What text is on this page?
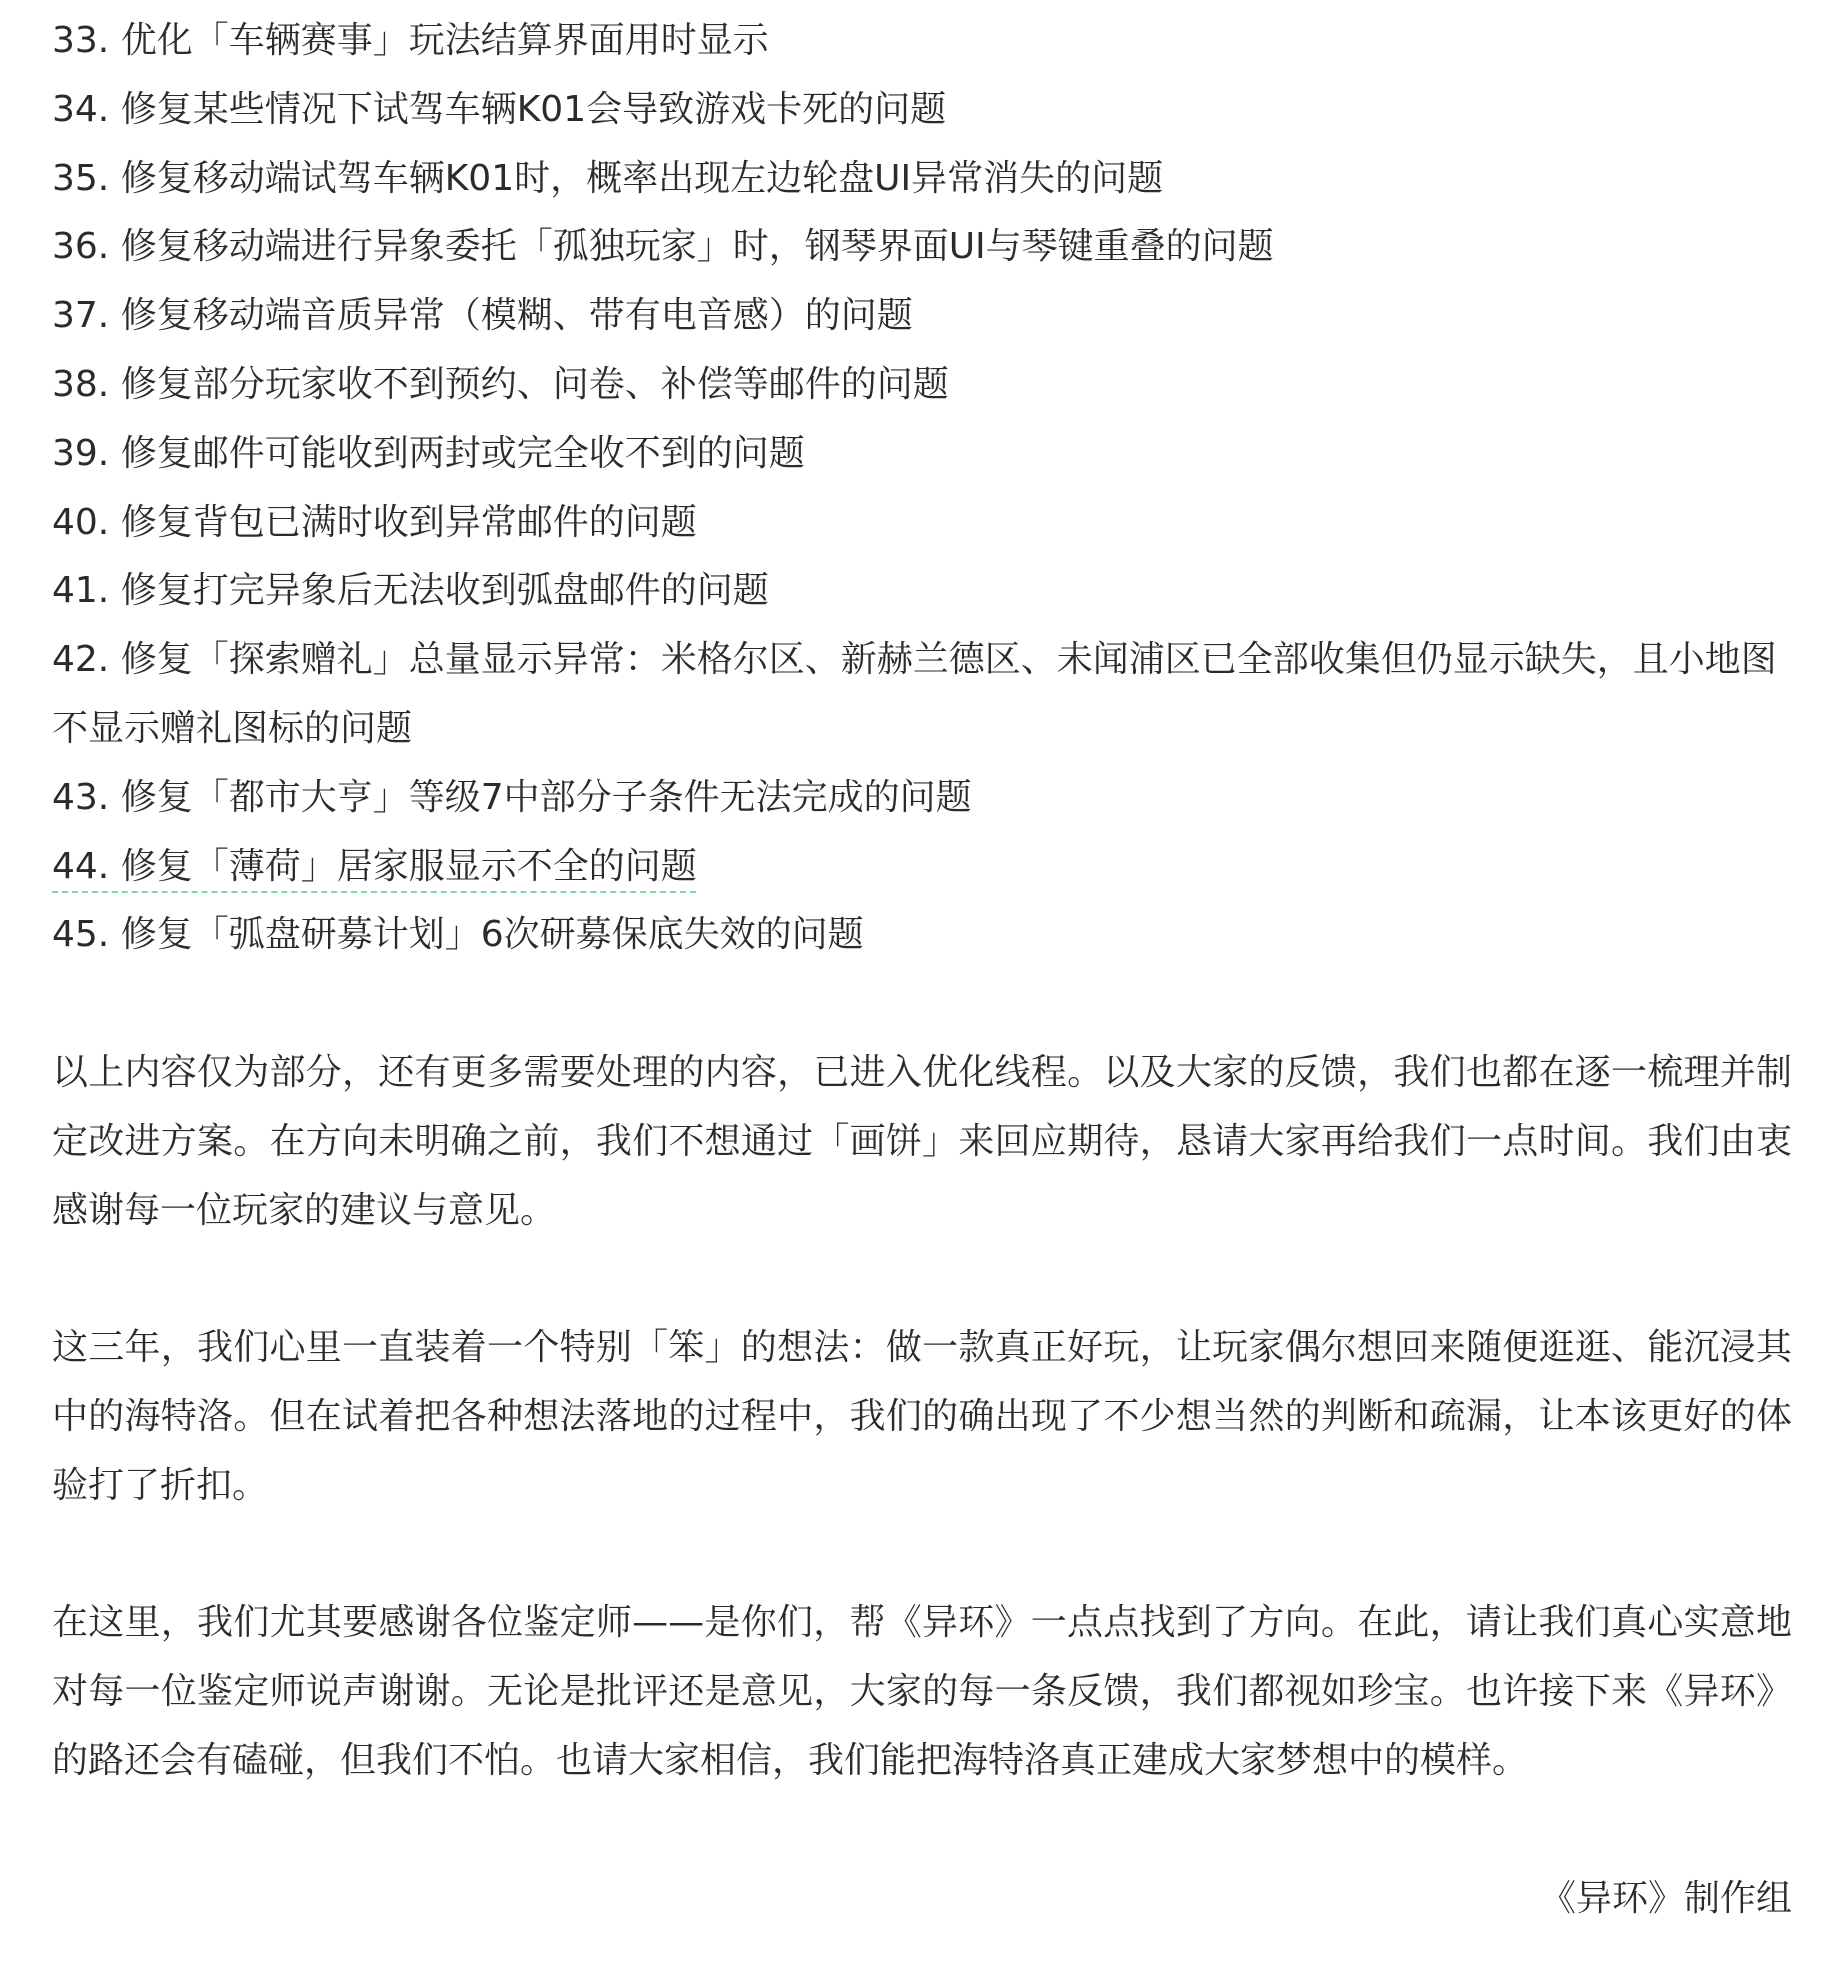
33. 优化「车辆赛事」玩法结算界面用时显示
34. 修复某些情况下试驾车辆K01会导致游戏卡死的问题
35. 修复移动端试驾车辆K01时，概率出现左边轮盘UI异常消失的问题
36. 修复移动端进行异象委托「孤独玩家」时，钢琴界面UI与琴键重叠的问题
37. 修复移动端音质异常（模糊、带有电音感）的问题
38. 修复部分玩家收不到预约、问卷、补偿等邮件的问题
39. 修复邮件可能收到两封或完全收不到的问题
40. 修复背包已满时收到异常邮件的问题
41. 修复打完异象后无法收到弧盘邮件的问题
42. 修复「探索赠礼」总量显示异常：米格尔区、新赫兰德区、未闻浦区已全部收集但仍显示缺失，且小地图不显示赠礼图标的问题
43. 修复「都市大亨」等级7中部分子条件无法完成的问题
44. 修复「薄荷」居家服显示不全的问题
45. 修复「弧盘研募计划」6次研募保底失效的问题

以上内容仅为部分，还有更多需要处理的内容，已进入优化线程。以及大家的反馈，我们也都在逐一梳理并制定改进方案。在方向未明确之前，我们不想通过「画饼」来回应期待，恳请大家再给我们一点时间。我们由衷感谢每一位玩家的建议与意见。

这三年，我们心里一直装着一个特别「笨」的想法：做一款真正好玩，让玩家偶尔想回来随便逛逛、能沉浸其中的海特洛。但在试着把各种想法落地的过程中，我们的确出现了不少想当然的判断和疏漏，让本该更好的体验打了折扣。

在这里，我们尤其要感谢各位鉴定师——是你们，帮《异环》一点点找到了方向。在此，请让我们真心实意地对每一位鉴定师说声谢谢。无论是批评还是意见，大家的每一条反馈，我们都视如珍宝。也许接下来《异环》的路还会有磕碰，但我们不怕。也请大家相信，我们能把海特洛真正建成大家梦想中的模样。

《异环》制作组
